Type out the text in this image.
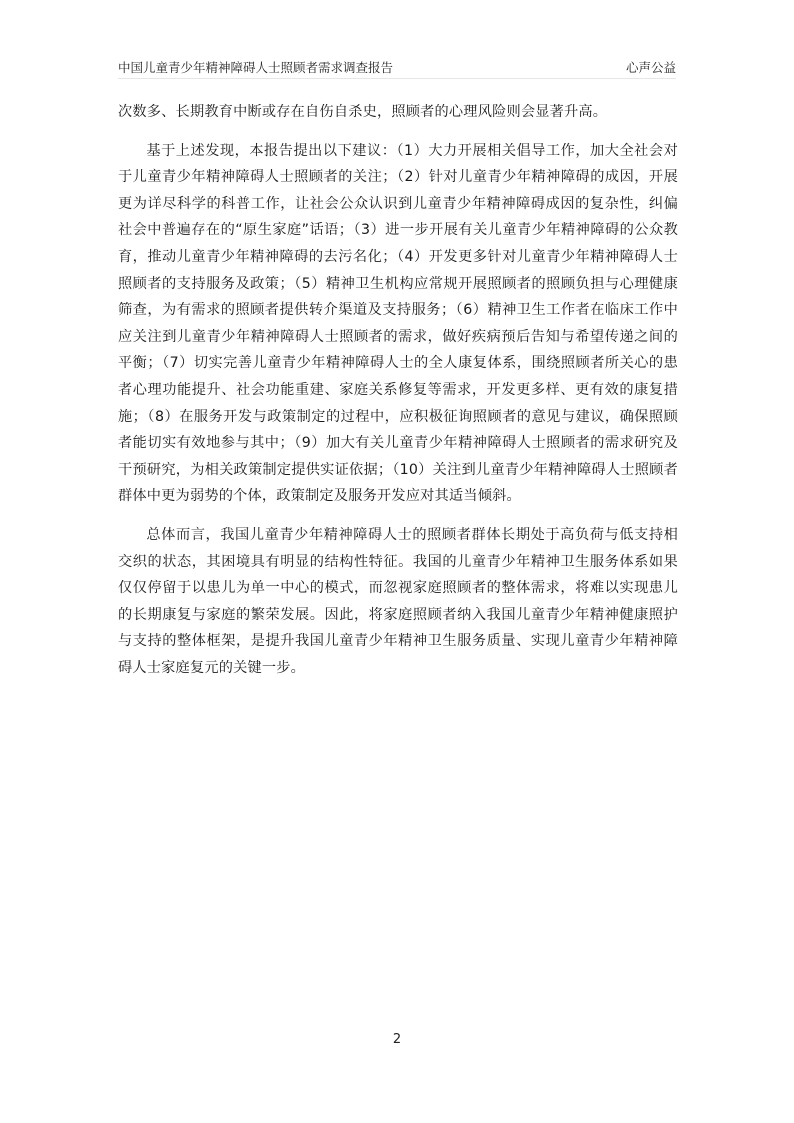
中国儿童青少年精神障碍人士照顾者需求调查报告	心声公益

次数多、长期教育中断或存在自伤自杀史，照顾者的心理风险则会显著升高。

基于上述发现，本报告提出以下建议：（1）大力开展相关倡导工作，加大全社会对于儿童青少年精神障碍人士照顾者的关注；（2）针对儿童青少年精神障碍的成因，开展更为详尽科学的科普工作，让社会公众认识到儿童青少年精神障碍成因的复杂性，纠偏社会中普遍存在的“原生家庭”话语；（3）进一步开展有关儿童青少年精神障碍的公众教育，推动儿童青少年精神障碍的去污名化；（4）开发更多针对儿童青少年精神障碍人士照顾者的支持服务及政策；（5）精神卫生机构应常规开展照顾者的照顾负担与心理健康筛查，为有需求的照顾者提供转介渠道及支持服务；（6）精神卫生工作者在临床工作中应关注到儿童青少年精神障碍人士照顾者的需求，做好疾病预后告知与希望传递之间的平衡；（7）切实完善儿童青少年精神障碍人士的全人康复体系，围绕照顾者所关心的患者心理功能提升、社会功能重建、家庭关系修复等需求，开发更多样、更有效的康复措施；（8）在服务开发与政策制定的过程中，应积极征询照顾者的意见与建议，确保照顾者能切实有效地参与其中；（9）加大有关儿童青少年精神障碍人士照顾者的需求研究及干预研究，为相关政策制定提供实证依据；（10）关注到儿童青少年精神障碍人士照顾者群体中更为弱势的个体，政策制定及服务开发应对其适当倾斜。

总体而言，我国儿童青少年精神障碍人士的照顾者群体长期处于高负荷与低支持相交织的状态，其困境具有明显的结构性特征。我国的儿童青少年精神卫生服务体系如果仅仅停留于以患儿为单一中心的模式，而忽视家庭照顾者的整体需求，将难以实现患儿的长期康复与家庭的繁荣发展。因此，将家庭照顾者纳入我国儿童青少年精神健康照护与支持的整体框架，是提升我国儿童青少年精神卫生服务质量、实现儿童青少年精神障碍人士家庭复元的关键一步。

2
